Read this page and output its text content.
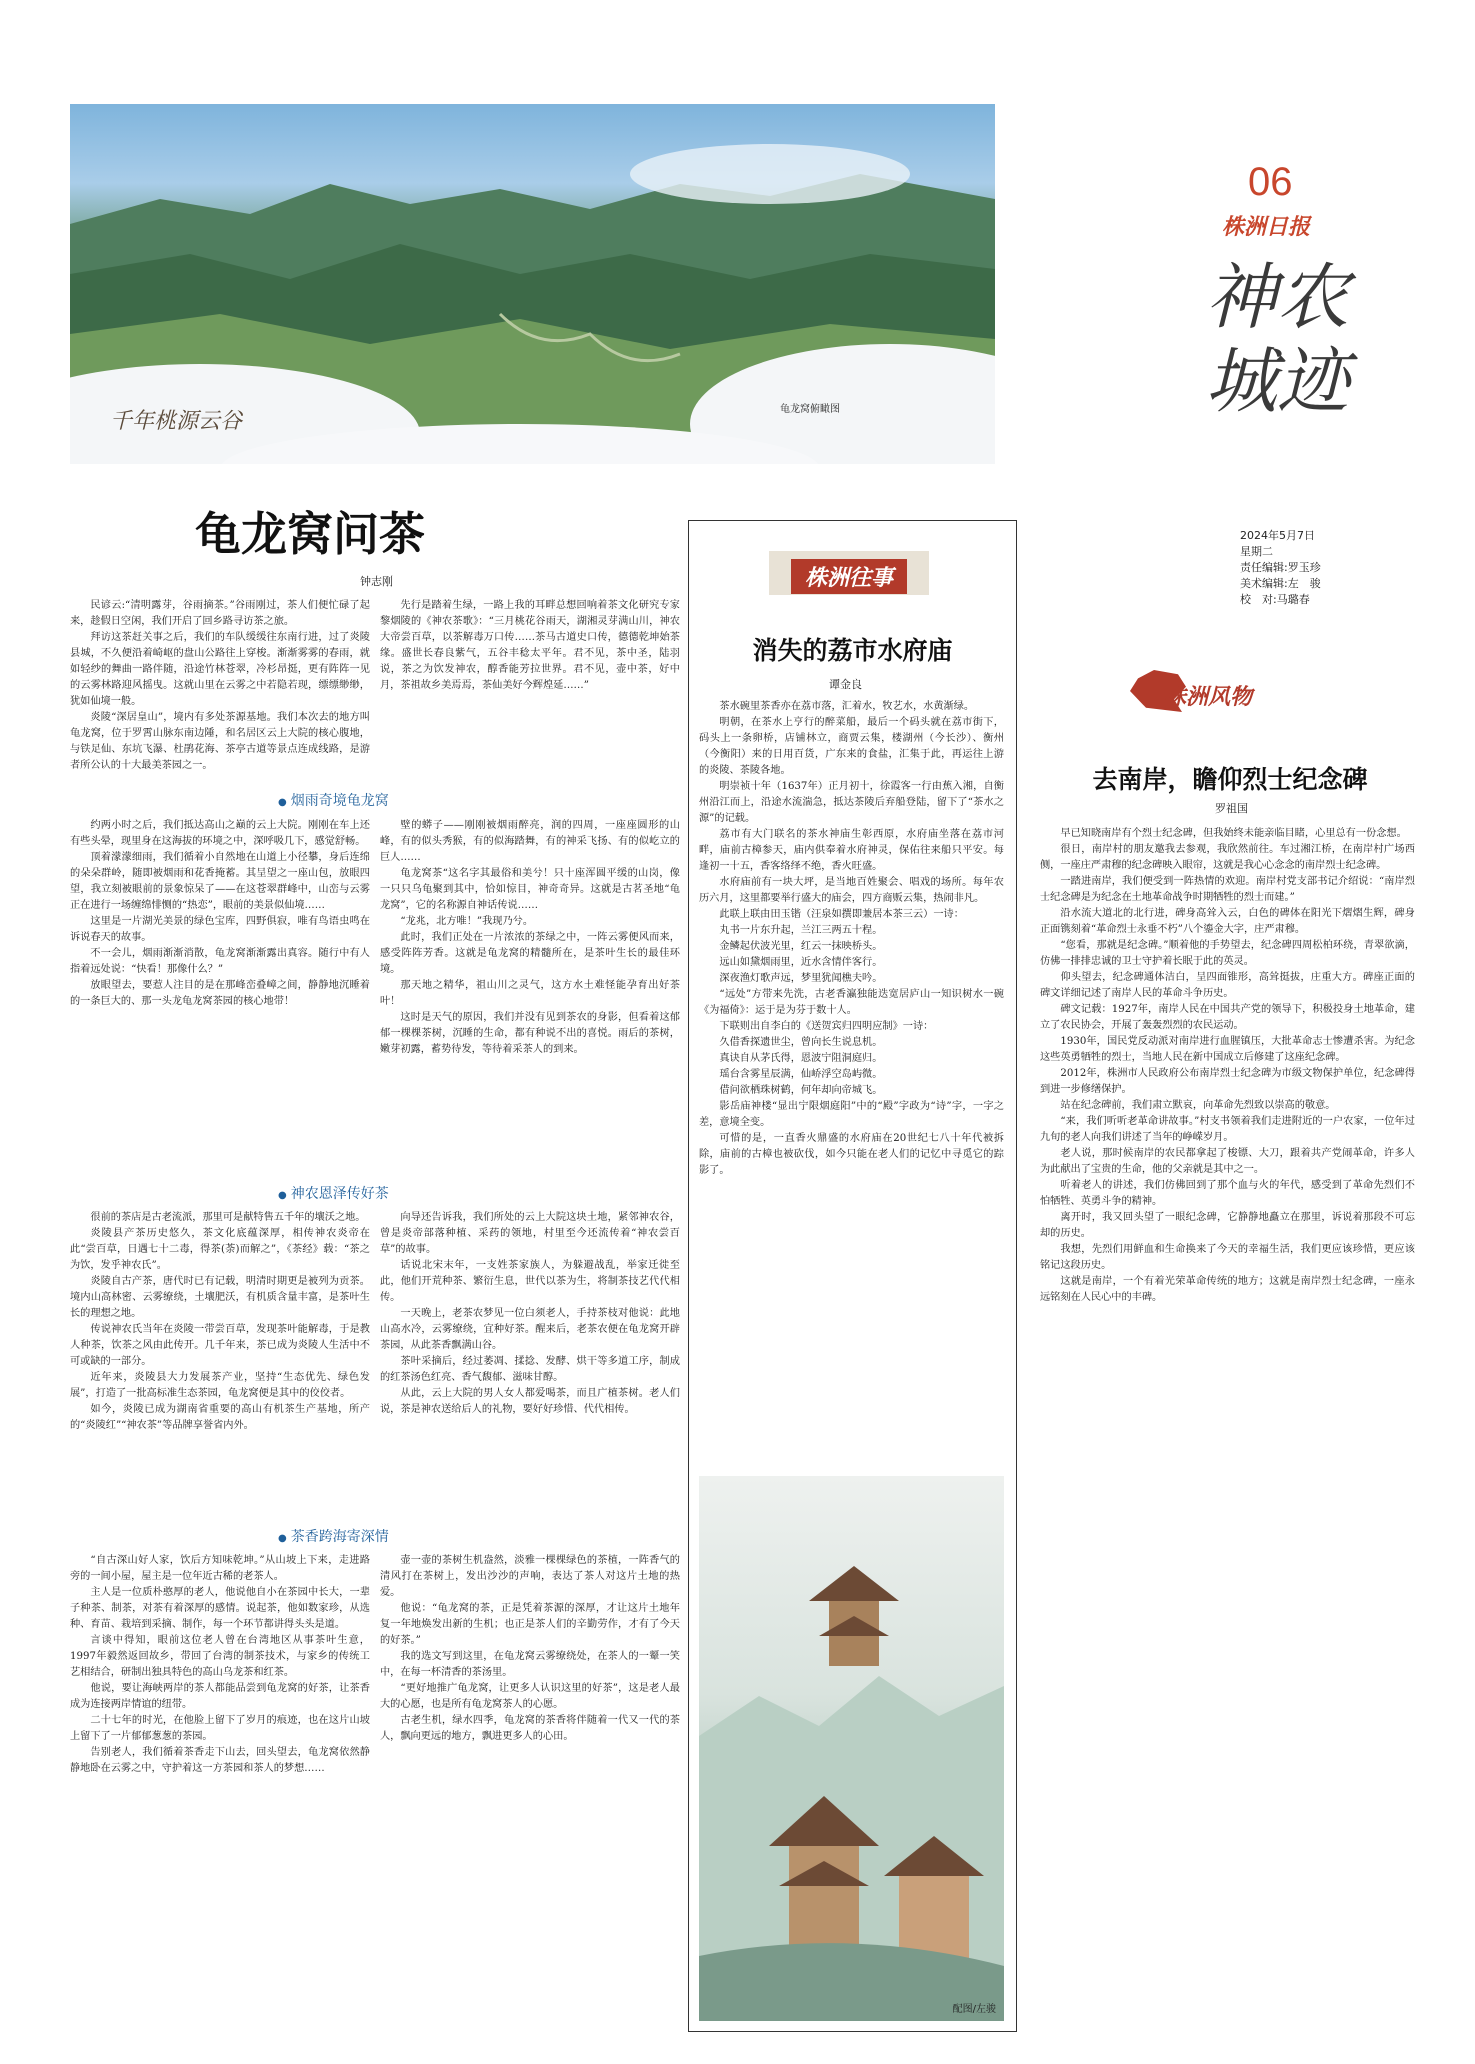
千年桃源云谷	龟龙窝俯瞰图
06
株洲日报
神农
城迹
2024年5月7日
星期二
责任编辑:罗玉珍
美术编辑:左　骏
校　对:马璐春
龟龙窝问茶
钟志刚

民谚云:“清明露芽，谷雨摘茶。”谷雨刚过，茶人们便忙碌了起来，趁假日空闲，我们开启了回乡路寻访茶之旅。

拜访这茶赶关事之后，我们的车队缓缓往东南行进，过了炎陵县城，不久便沿着崎岖的盘山公路往上穿梭。渐渐雾雾的春雨，就如轻纱的舞曲一路伴随，沿途竹林苍翠，冷杉昂挺，更有阵阵一见的云雾林路迎风摇曳。这就山里在云雾之中若隐若现，缥缥缈缈，犹如仙境一般。

炎陵“深居皇山”，境内有多处茶源基地。我们本次去的地方叫龟龙窝，位于罗霄山脉东南边陲，和名居区云上大院的核心腹地，与铁足仙、东坑飞瀑、杜鹃花海、茶亭古道等景点连成线路，是游者所公认的十大最美茶园之一。

先行是踏着生绿，一路上我的耳畔总想回响着茶文化研究专家黎烟陵的《神农茶歌》：“三月桃花谷雨天，湖湘灵芽满山川，神农大帝尝百草，以茶解毒万口传……茶马古道史口传，德德乾坤始茶缘。盛世长春良紫气，五谷丰稔太平年。君不见，茶中圣，陆羽说，茶之为饮发神农，醇香能芳拉世界。君不见，壶中茶，好中月，茶祖故乡美焉焉，茶仙美好今辉煌延……”

● 烟雨奇境龟龙窝

约两小时之后，我们抵达高山之巅的云上大院。刚刚在车上还有些头晕，现里身在这海拔的环境之中，深呼吸几下，感觉舒畅。

顶着濛濛细雨，我们循着小自然地在山道上小径攀，身后连绵的朵朵群岭，随即被烟雨和花香掩蓄。其呈望之一座山包，放眼四望，我立刻被眼前的景象惊呆了——在这苍翠群峰中，山峦与云雾正在进行一场缠绵悱恻的“热恋”，眼前的美景似仙境……

这里是一片湖光美景的绿色宝库，四野俱寂，唯有鸟语虫鸣在诉说春天的故事。

不一会儿，烟雨渐渐消散，龟龙窝渐渐露出真容。随行中有人指着远处说：“快看！那像什么？”

放眼望去，要惹人注目的是在那峰峦叠嶂之间，静静地沉睡着的一条巨大的、那一头龙龟龙窝茶园的核心地带！

壁的蟒子——刚刚被烟雨醉亮，润的四周，一座座圆形的山峰，有的似头秀猴，有的似海踏舞，有的神采飞扬、有的似屹立的巨人……

龟龙窝茶“这名字其最俗和美兮！只十座浑圆平缓的山岗，像一只只乌龟聚到其中，恰如惊目，神奇奇异。这就是古茗圣地“龟龙窝”，它的名称源自神话传说……

“龙兆，北方唯！”我现乃兮。

此时，我们正处在一片浓浓的茶绿之中，一阵云雾便风而来，感受阵阵芳香。这就是龟龙窝的精髓所在，是茶叶生长的最佳环境。

那天地之精华，祖山川之灵气，这方水土难怪能孕育出好茶叶！

这时是天气的原因，我们并没有见到茶农的身影，但看着这郁郁一棵棵茶树，沉睡的生命，都有种说不出的喜悦。雨后的茶树，嫩芽初露，蓄势待发，等待着采茶人的到来。

● 神农恩泽传好茶

很前的茶店是古老流派，那里可是献特售五千年的壤沃之地。

炎陵县产茶历史悠久，茶文化底蕴深厚，相传神农炎帝在此“尝百草，日遇七十二毒，得茶(荼)而解之”，《茶经》载：“茶之为饮，发乎神农氏”。

炎陵自古产茶，唐代时已有记载，明清时期更是被列为贡茶。境内山高林密、云雾缭绕，土壤肥沃，有机质含量丰富，是茶叶生长的理想之地。

传说神农氏当年在炎陵一带尝百草，发现茶叶能解毒，于是教人种茶，饮茶之风由此传开。几千年来，茶已成为炎陵人生活中不可或缺的一部分。

近年来，炎陵县大力发展茶产业，坚持“生态优先、绿色发展”，打造了一批高标准生态茶园，龟龙窝便是其中的佼佼者。

如今，炎陵已成为湖南省重要的高山有机茶生产基地，所产的“炎陵红”“神农茶”等品牌享誉省内外。

向导还告诉我，我们所处的云上大院这块土地，紧邻神农谷，曾是炎帝部落种植、采药的领地，村里至今还流传着“神农尝百草”的故事。

话说北宋末年，一支姓茶家族人，为躲避战乱，举家迁徙至此，他们开荒种茶、繁衍生息，世代以茶为生，将制茶技艺代代相传。

一天晚上，老茶农梦见一位白须老人，手持茶枝对他说：此地山高水冷，云雾缭绕，宜种好茶。醒来后，老茶农便在龟龙窝开辟茶园，从此茶香飘满山谷。

茶叶采摘后，经过萎凋、揉捻、发酵、烘干等多道工序，制成的红茶汤色红亮、香气馥郁、滋味甘醇。

从此，云上大院的男人女人都爱喝茶，而且广植茶树。老人们说，茶是神农送给后人的礼物，要好好珍惜、代代相传。

● 茶香跨海寄深情

“自古深山好人家，饮后方知味乾坤。”从山坡上下来，走进路旁的一间小屋，屋主是一位年近古稀的老茶人。

主人是一位质朴憨厚的老人，他说他自小在茶园中长大，一辈子种茶、制茶，对茶有着深厚的感情。说起茶，他如数家珍，从选种、育苗、栽培到采摘、制作，每一个环节都讲得头头是道。

言谈中得知，眼前这位老人曾在台湾地区从事茶叶生意，1997年毅然返回故乡，带回了台湾的制茶技术，与家乡的传统工艺相结合，研制出独具特色的高山乌龙茶和红茶。

他说，要让海峡两岸的茶人都能品尝到龟龙窝的好茶，让茶香成为连接两岸情谊的纽带。

二十七年的时光，在他脸上留下了岁月的痕迹，也在这片山坡上留下了一片郁郁葱葱的茶园。

告别老人，我们循着茶香走下山去，回头望去，龟龙窝依然静静地卧在云雾之中，守护着这一方茶园和茶人的梦想……

壶一壶的茶树生机盎然，淡雅一棵棵绿色的茶植，一阵香气的清风打在茶树上，发出沙沙的声响，表达了茶人对这片土地的热爱。

他说：“龟龙窝的茶，正是凭着茶源的深厚，才让这片土地年复一年地焕发出新的生机；也正是茶人们的辛勤劳作，才有了今天的好茶。”

我的选文写到这里，在龟龙窝云雾缭绕处，在茶人的一颦一笑中，在每一杯清香的茶汤里。

“更好地推广龟龙窝，让更多人认识这里的好茶”，这是老人最大的心愿，也是所有龟龙窝茶人的心愿。

古老生机，绿水四季，龟龙窝的茶香将伴随着一代又一代的茶人，飘向更远的地方，飘进更多人的心田。

株洲往事
消失的荔市水府庙
谭金良

茶水碗里茶香亦在荔市落，汇着水，牧艺水，水黄渐绿。

明朝，在茶水上亨行的醉菜船，最后一个码头就在荔市街下，码头上一条卵桥，店铺林立，商贾云集，楼湖州（今长沙）、衡州（今衡阳）来的日用百货，广东来的食盐，汇集于此，再运往上游的炎陵、茶陵各地。

明崇祯十年（1637年）正月初十，徐霞客一行由蕉入湘，自衡州沿江而上，沿途水流湍急，抵达茶陵后弃船登陆，留下了“茶水之源”的记载。

荔市有大门联名的茶水神庙生彰西原，水府庙坐落在荔市河畔，庙前古樟参天，庙内供奉着水府神灵，保佑往来船只平安。每逢初一十五，香客络绎不绝，香火旺盛。

水府庙前有一块大坪，是当地百姓聚会、唱戏的场所。每年农历六月，这里都要举行盛大的庙会，四方商贩云集，热闹非凡。

此联上联由田玉锴（汪泉如撰即兼居本茶三云）一诗：

丸书一片东升起，兰江三两五十程。
金鳞起伏波光里，红云一抹映桥头。
远山如黛烟雨里，近水含情伴客行。
深夜渔灯歌声远，梦里犹闻樵夫吟。

“远处”方带来先洗，古老香瀛独能迭宽居庐山一知识树水一碗《为福倚》：运于是为芬于数十人。

下联则出自李白的《送贺宾归四明应制》一诗：

久借香探遗世尘，曾向长生说息机。
真诀自从茅氏得，恩波宁阻洞庭归。
瑶台含雾星辰满，仙峤浮空岛屿微。
借问欲栖珠树鹤，何年却向帝城飞。

影岳庙神楼“显出宁限烟庭阳”中的“殿”字政为“诗”字，一字之差，意境全变。

可惜的是，一直香火鼎盛的水府庙在20世纪七八十年代被拆除，庙前的古樟也被砍伐，如今只能在老人们的记忆中寻觅它的踪影了。

配图/左骏
株洲风物
去南岸，瞻仰烈士纪念碑
罗祖国

早已知晓南岸有个烈士纪念碑，但我始终未能亲临目睹，心里总有一份念想。

很日，南岸村的朋友邀我去参观，我欣然前往。车过湘江桥，在南岸村广场西侧，一座庄严肃穆的纪念碑映入眼帘，这就是我心心念念的南岸烈士纪念碑。

一踏进南岸，我们便受到一阵热情的欢迎。南岸村党支部书记介绍说：“南岸烈士纪念碑是为纪念在土地革命战争时期牺牲的烈士而建。”

沿水流大道北的北行进，碑身高耸入云，白色的碑体在阳光下熠熠生辉，碑身正面镌刻着“革命烈士永垂不朽”八个鎏金大字，庄严肃穆。

“您看，那就是纪念碑。”顺着他的手势望去，纪念碑四周松柏环绕，青翠欲滴，仿佛一排排忠诚的卫士守护着长眠于此的英灵。

仰头望去，纪念碑通体洁白，呈四面锥形，高耸挺拔，庄重大方。碑座正面的碑文详细记述了南岸人民的革命斗争历史。

碑文记载：1927年，南岸人民在中国共产党的领导下，积极投身土地革命，建立了农民协会，开展了轰轰烈烈的农民运动。

1930年，国民党反动派对南岸进行血腥镇压，大批革命志士惨遭杀害。为纪念这些英勇牺牲的烈士，当地人民在新中国成立后修建了这座纪念碑。

2012年，株洲市人民政府公布南岸烈士纪念碑为市级文物保护单位，纪念碑得到进一步修缮保护。

站在纪念碑前，我们肃立默哀，向革命先烈致以崇高的敬意。

“来，我们听听老革命讲故事。”村支书领着我们走进附近的一户农家，一位年过九旬的老人向我们讲述了当年的峥嵘岁月。

老人说，那时候南岸的农民都拿起了梭镖、大刀，跟着共产党闹革命，许多人为此献出了宝贵的生命，他的父亲就是其中之一。

听着老人的讲述，我们仿佛回到了那个血与火的年代，感受到了革命先烈们不怕牺牲、英勇斗争的精神。

离开时，我又回头望了一眼纪念碑，它静静地矗立在那里，诉说着那段不可忘却的历史。

我想，先烈们用鲜血和生命换来了今天的幸福生活，我们更应该珍惜，更应该铭记这段历史。

这就是南岸，一个有着光荣革命传统的地方；这就是南岸烈士纪念碑，一座永远铭刻在人民心中的丰碑。
